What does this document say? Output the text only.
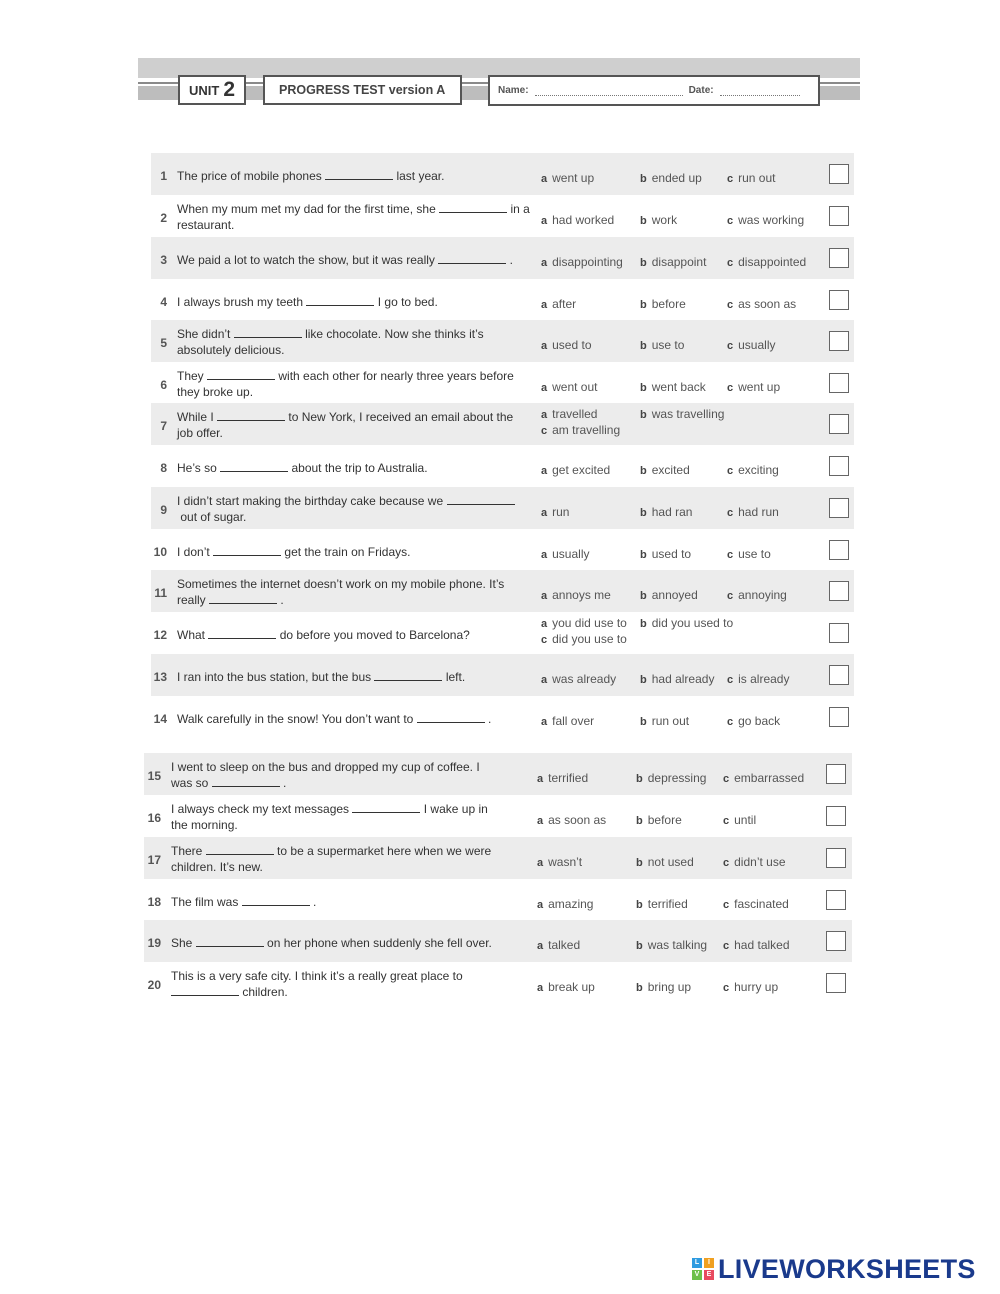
UNIT 2	PROGRESS TEST version A	Name:	Date:
1 The price of mobile phones	last year.	a went up	b ended up c run out
2
When my mum met my dad for the first time, she	in a restaurant.	a had worked b work	c was working
3 We paid a lot to watch the show, but it was really	.	a disappointing b disappoint c disappointed
4 I always brush my teeth	I go to bed.	a after	b before	c as soon as
5
She didn’t	like chocolate. Now she thinks it’s absolutely delicious.	a used to	b use to	c usually
6
They	with each other for nearly three years before they broke up.	a went out	b went back c went up
7
While I	to New York, I received an email about the job offer.
a travelled	b was travelling
c am travelling
8 He’s so	about the trip to Australia.	a get excited	b excited	c exciting
9
I didn’t start making the birthday cake because we  out of sugar.	a run	b had ran	c had run
10 I don’t	get the train on Fridays.	a usually	b used to	c use to
11
Sometimes the internet doesn’t work on my mobile phone. It’s really	.	a annoys me	b annoyed	c annoying
12 What	do before you moved to Barcelona?
a you did use to b did you used to
c did you use to
13 I ran into the bus station, but the bus	left.	a was already b had already c is already
14 Walk carefully in the snow! You don’t want to	.	a fall over	b run out	c go back
15
I went to sleep on the bus and dropped my cup of coffee. I was so	.	a terrified	b depressing c embarrassed
16
I always check my text messages	I wake up in the morning.	a as soon as	b before	c until
17
There	to be a supermarket here when we were children. It’s new.	a wasn’t	b not used	c didn’t use
18 The film was	.	a amazing	b terrified	c fascinated
19 She	on her phone when suddenly she fell over.	a talked	b was talking c had talked
20
This is a very safe city. I think it’s a really great place to  children.	a break up	b bring up	c hurry up
L	I
V	E LIVEWORKSHEETS
